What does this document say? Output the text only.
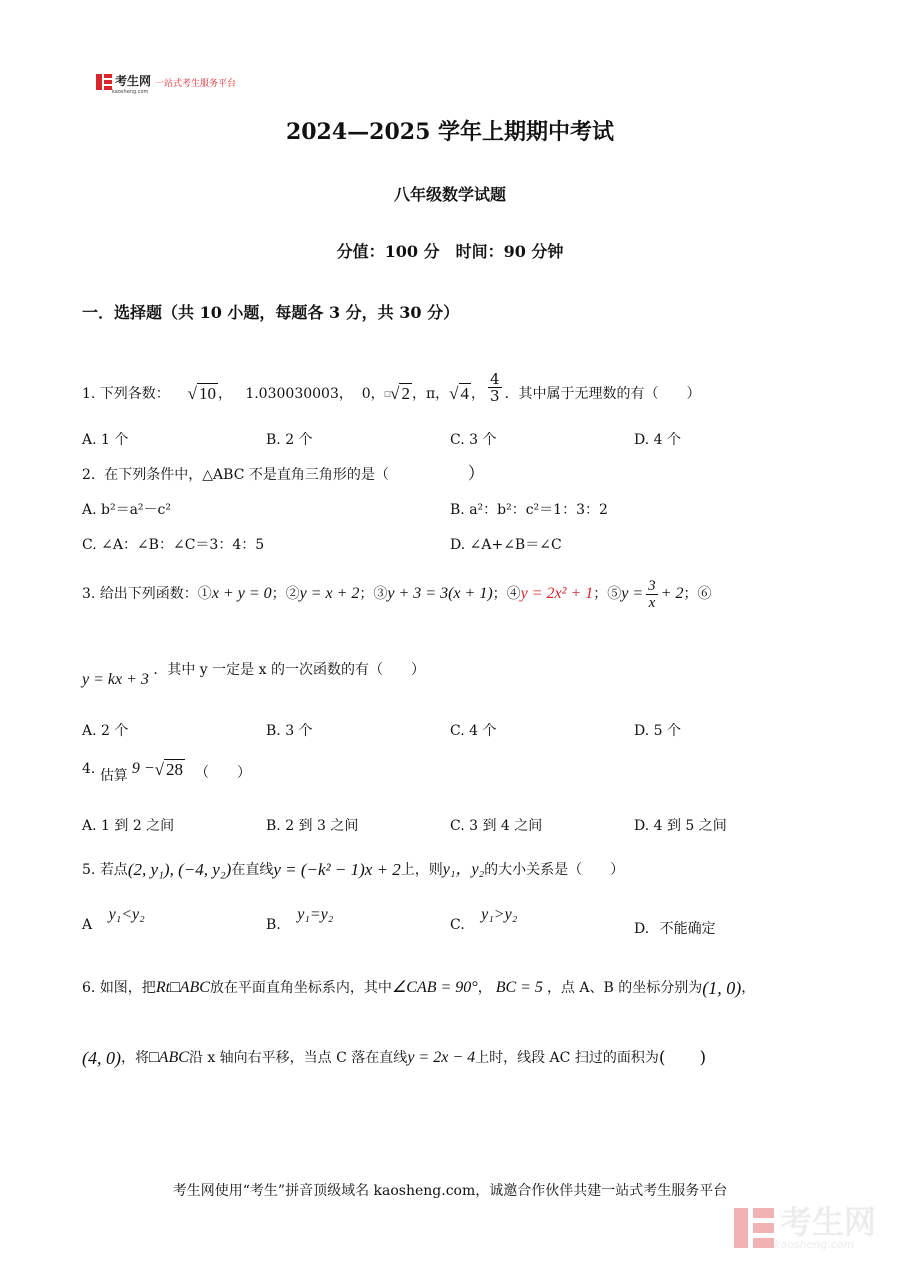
考生网
kaosheng.com
一站式考生服务平台
2024—2025 学年上期期中考试
八年级数学试题
分值：100 分　时间：90 分钟
一．选择题（共 10 小题，每题各 3 分，共 30 分）
1.
下列各数：
√ 10 ，
1.030030003 ，
0， □ √ 2 ，π， √ 4 ， $\frac{4}{3}$ ．其中属于无理数的有（　　）
A. 1 个	B. 2 个	C. 3 个	D. 4 个
2. 在下列条件中，△ABC 不是直角三角形的是（	）
A. b²＝a²－c²	B. a²：b²：c²＝1：3：2
C. ∠A：∠B：∠C＝3：4：5	D. ∠A+∠B＝∠C
3.
给出下列函数：① x + y = 0 ；② y = x + 2 ；③ y + 3 = 3(x + 1) ；④ y = 2x² + 1 ；⑤ $y = \frac{3}{x} + 2$ ；⑥
y = kx + 3 ．其中 y 一定是 x 的一次函数的有（　　）
A. 2 个	B. 3 个	C. 4 个	D. 5 个
4.
估算 9 − √ 28 （　　）
A. 1 到 2 之间	B. 2 到 3 之间	C. 3 到 4 之间	D. 4 到 5 之间
5.
若点 (2, y₁), (−4, y₂) 在直线 y = (−k² − 1)x + 2 上，则 y₁，y₂ 的大小关系是（　　）
A y₁<y₂
B. y₁=y₂
C. y₁>y₂
D. 不能确定
6.
如图，把 Rt□ABC 放在平面直角坐标系内，其中 ∠CAB = 90° ， BC = 5 ，点 A、B 的坐标分别为 (1, 0) ，
(4, 0) ，将 □ABC 沿 x 轴向右平移，当点 C 落在直线 y = 2x − 4 上时，线段 AC 扫过的面积为 (　　)
考生网使用“考生”拼音顶级域名 kaosheng.com，诚邀合作伙伴共建一站式考生服务平台
考生网
kaosheng.com
